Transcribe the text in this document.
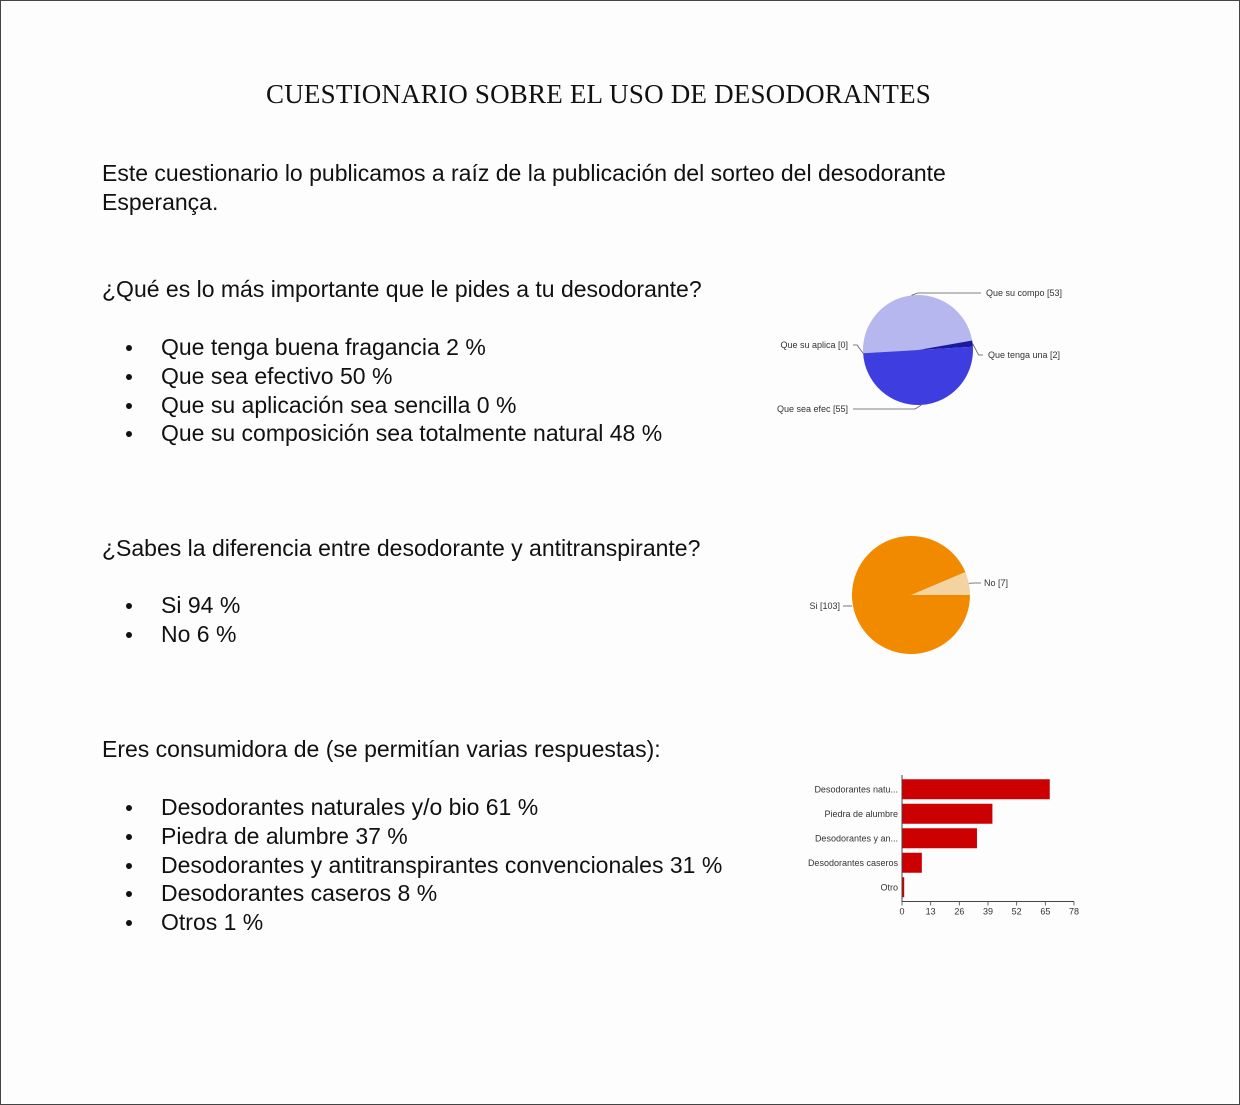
CUESTIONARIO SOBRE EL USO DE DESODORANTES
Este cuestionario lo publicamos a raíz de la publicación del sorteo del desodorante Esperança.
¿Qué es lo más importante que le pides a tu desodorante?
Que tenga buena fragancia 2 %
Que sea efectivo 50 %
Que su aplicación sea sencilla 0 %
Que su composición sea totalmente natural 48 %
Que su compo [53]
Que tenga una [2]
Que sea efec [55]
Que su aplica [0]
¿Sabes la diferencia entre desodorante y antitranspirante?
Si 94 %
No 6 %
No [7]
Si [103]
Eres consumidora de (se permitían varias respuestas):
Desodorantes naturales y/o bio 61 %
Piedra de alumbre 37 %
Desodorantes y antitranspirantes convencionales 31 %
Desodorantes caseros 8 %
Otros 1 %
Desodorantes natu...
Piedra de alumbre
Desodorantes y an...
Desodorantes caseros
Otro
0 13 26 39 52 65 78
